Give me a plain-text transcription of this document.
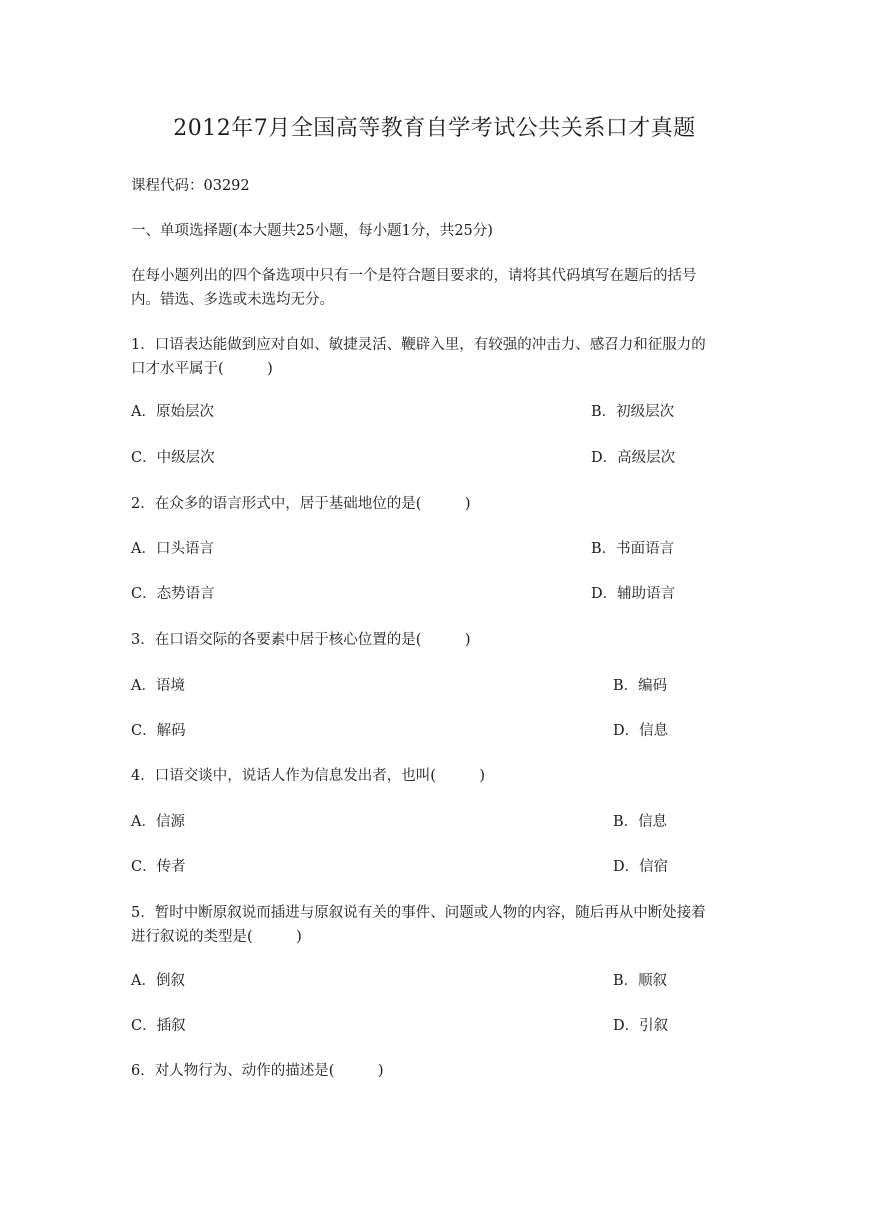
2012年7月全国高等教育自学考试公共关系口才真题
课程代码：03292
一、单项选择题(本大题共25小题，每小题1分，共25分)
在每小题列出的四个备选项中只有一个是符合题目要求的，请将其代码填写在题后的括号
内。错选、多选或未选均无分。
1．口语表达能做到应对自如、敏捷灵活、鞭辟入里，有较强的冲击力、感召力和征服力的
口才水平属于(　　　)
A．原始层次	B．初级层次
C．中级层次	D．高级层次
2．在众多的语言形式中，居于基础地位的是(　　　)
A．口头语言	B．书面语言
C．态势语言	D．辅助语言
3．在口语交际的各要素中居于核心位置的是(　　　)
A．语境	B．编码
C．解码	D．信息
4．口语交谈中，说话人作为信息发出者，也叫(　　　)
A．信源	B．信息
C．传者	D．信宿
5．暂时中断原叙说而插进与原叙说有关的事件、问题或人物的内容，随后再从中断处接着
进行叙说的类型是(　　　)
A．倒叙	B．顺叙
C．插叙	D．引叙
6．对人物行为、动作的描述是(　　　)
